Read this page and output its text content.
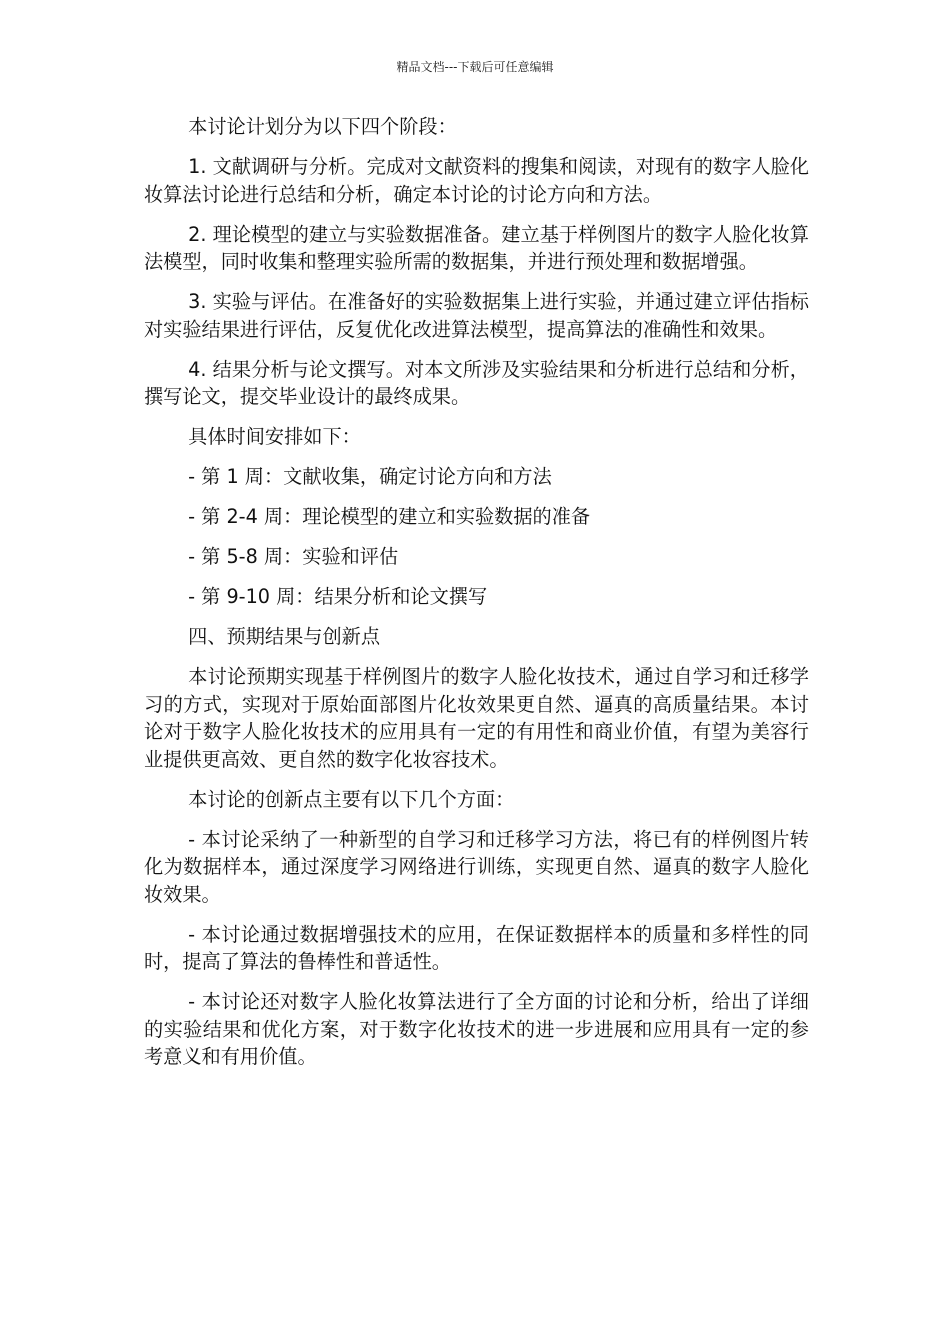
精品文档---下载后可任意编辑

本讨论计划分为以下四个阶段：

1. 文献调研与分析。完成对文献资料的搜集和阅读，对现有的数字人脸化妆算法讨论进行总结和分析，确定本讨论的讨论方向和方法。

2. 理论模型的建立与实验数据准备。建立基于样例图片的数字人脸化妆算法模型，同时收集和整理实验所需的数据集，并进行预处理和数据增强。

3. 实验与评估。在准备好的实验数据集上进行实验，并通过建立评估指标对实验结果进行评估，反复优化改进算法模型，提高算法的准确性和效果。

4. 结果分析与论文撰写。对本文所涉及实验结果和分析进行总结和分析，撰写论文，提交毕业设计的最终成果。

具体时间安排如下：

- 第 1 周：文献收集，确定讨论方向和方法

- 第 2-4 周：理论模型的建立和实验数据的准备

- 第 5-8 周：实验和评估

- 第 9-10 周：结果分析和论文撰写

四、预期结果与创新点

本讨论预期实现基于样例图片的数字人脸化妆技术，通过自学习和迁移学习的方式，实现对于原始面部图片化妆效果更自然、逼真的高质量结果。本讨论对于数字人脸化妆技术的应用具有一定的有用性和商业价值，有望为美容行业提供更高效、更自然的数字化妆容技术。

本讨论的创新点主要有以下几个方面：

- 本讨论采纳了一种新型的自学习和迁移学习方法，将已有的样例图片转化为数据样本，通过深度学习网络进行训练，实现更自然、逼真的数字人脸化妆效果。

- 本讨论通过数据增强技术的应用，在保证数据样本的质量和多样性的同时，提高了算法的鲁棒性和普适性。

- 本讨论还对数字人脸化妆算法进行了全方面的讨论和分析，给出了详细的实验结果和优化方案，对于数字化妆技术的进一步进展和应用具有一定的参考意义和有用价值。
